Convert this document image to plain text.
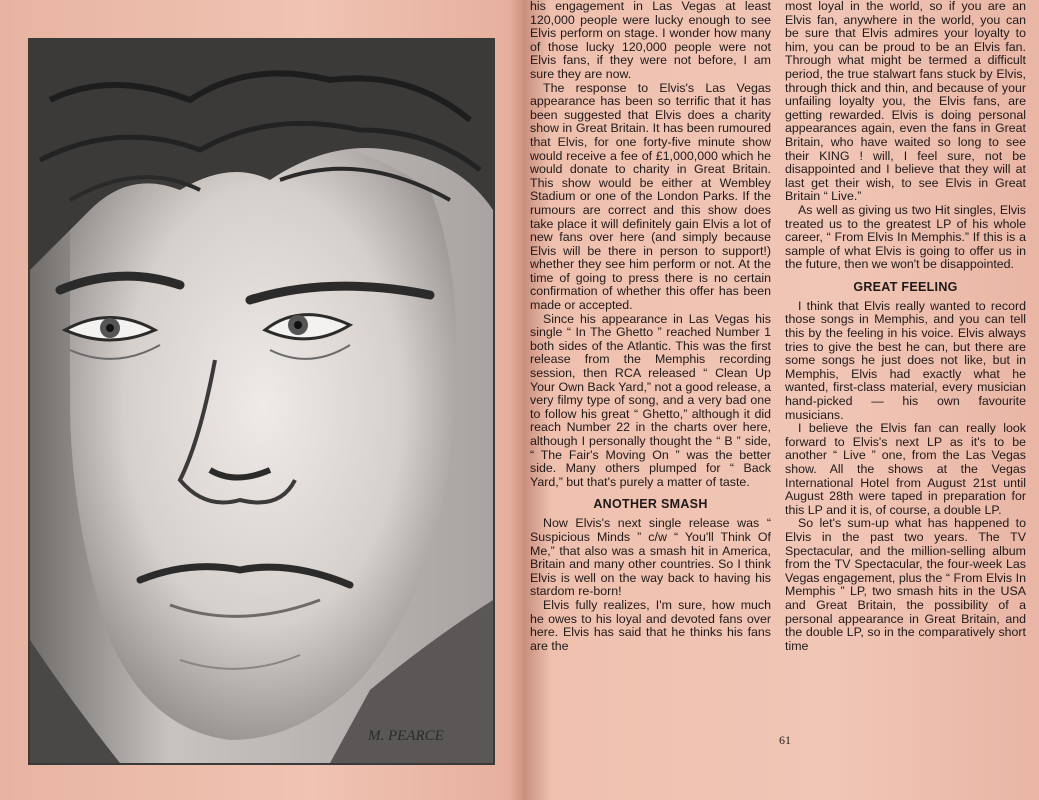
M. PEARCE

his engagement in Las Vegas at least 120,000 people were lucky enough to see Elvis perform on stage. I wonder how many of those lucky 120,000 people were not Elvis fans, if they were not before, I am sure they are now.

The response to Elvis's Las Vegas appearance has been so terrific that it has been suggested that Elvis does a charity show in Great Britain. It has been rumoured that Elvis, for one forty-five minute show would receive a fee of £1,000,000 which he would donate to charity in Great Britain. This show would be either at Wembley Stadium or one of the London Parks. If the rumours are correct and this show does take place it will definitely gain Elvis a lot of new fans over here (and simply because Elvis will be there in person to support!) whether they see him perform or not. At the time of going to press there is no certain confirmation of whether this offer has been made or accepted.

Since his appearance in Las Vegas his single “ In The Ghetto ” reached Number 1 both sides of the Atlantic. This was the first release from the Memphis recording session, then RCA released “ Clean Up Your Own Back Yard,” not a good release, a very filmy type of song, and a very bad one to follow his great “ Ghetto,” although it did reach Number 22 in the charts over here, although I personally thought the “ B ” side, “ The Fair's Moving On ” was the better side. Many others plumped for “ Back Yard,” but that's purely a matter of taste.

ANOTHER SMASH

Now Elvis's next single release was “ Suspicious Minds ” c/w “ You'll Think Of Me,” that also was a smash hit in America, Britain and many other countries. So I think Elvis is well on the way back to having his stardom re-born!

Elvis fully realizes, I'm sure, how much he owes to his loyal and devoted fans over here. Elvis has said that he thinks his fans are the

most loyal in the world, so if you are an Elvis fan, anywhere in the world, you can be sure that Elvis admires your loyalty to him, you can be proud to be an Elvis fan. Through what might be termed a difficult period, the true stalwart fans stuck by Elvis, through thick and thin, and because of your unfailing loyalty you, the Elvis fans, are getting rewarded. Elvis is doing personal appearances again, even the fans in Great Britain, who have waited so long to see their KING ! will, I feel sure, not be disappointed and I believe that they will at last get their wish, to see Elvis in Great Britain “ Live.”

As well as giving us two Hit singles, Elvis treated us to the greatest LP of his whole career, “ From Elvis In Memphis.” If this is a sample of what Elvis is going to offer us in the future, then we won't be disappointed.

GREAT FEELING

I think that Elvis really wanted to record those songs in Memphis, and you can tell this by the feeling in his voice. Elvis always tries to give the best he can, but there are some songs he just does not like, but in Memphis, Elvis had exactly what he wanted, first-class material, every musician hand-picked — his own favourite musicians.

I believe the Elvis fan can really look forward to Elvis's next LP as it's to be another “ Live ” one, from the Las Vegas show. All the shows at the Vegas International Hotel from August 21st until August 28th were taped in preparation for this LP and it is, of course, a double LP.

So let's sum-up what has happened to Elvis in the past two years. The TV Spectacular, and the million-selling album from the TV Spectacular, the four-week Las Vegas engagement, plus the “ From Elvis In Memphis ” LP, two smash hits in the USA and Great Britain, the possibility of a personal appearance in Great Britain, and the double LP, so in the comparatively short time

61
